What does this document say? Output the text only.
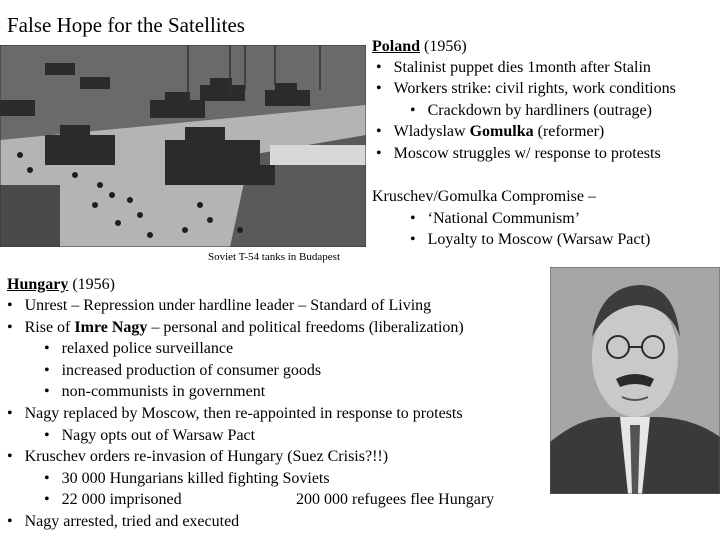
False Hope for the Satellites
Soviet T-54 tanks in Budapest
Poland (1956)
• Stalinist puppet dies 1month after Stalin
• Workers strike: civil rights, work conditions
• Crackdown by hardliners (outrage)
• Wladyslaw Gomulka (reformer)
• Moscow struggles w/ response to protests
Kruschev/Gomulka Compromise –
• ‘National Communism’
• Loyalty to Moscow (Warsaw Pact)
Hungary (1956)
• Unrest – Repression under hardline leader – Standard of Living
• Rise of Imre Nagy – personal and political freedoms (liberalization)
• relaxed police surveillance
• increased production of consumer goods
• non-communists in government
• Nagy replaced by Moscow, then re-appointed in response to protests
• Nagy opts out of Warsaw Pact
• Kruschev orders re-invasion of Hungary (Suez Crisis?!!)
• 30 000 Hungarians killed fighting Soviets
• 22 000 imprisoned	200 000 refugees flee Hungary
• Nagy arrested, tried and executed
